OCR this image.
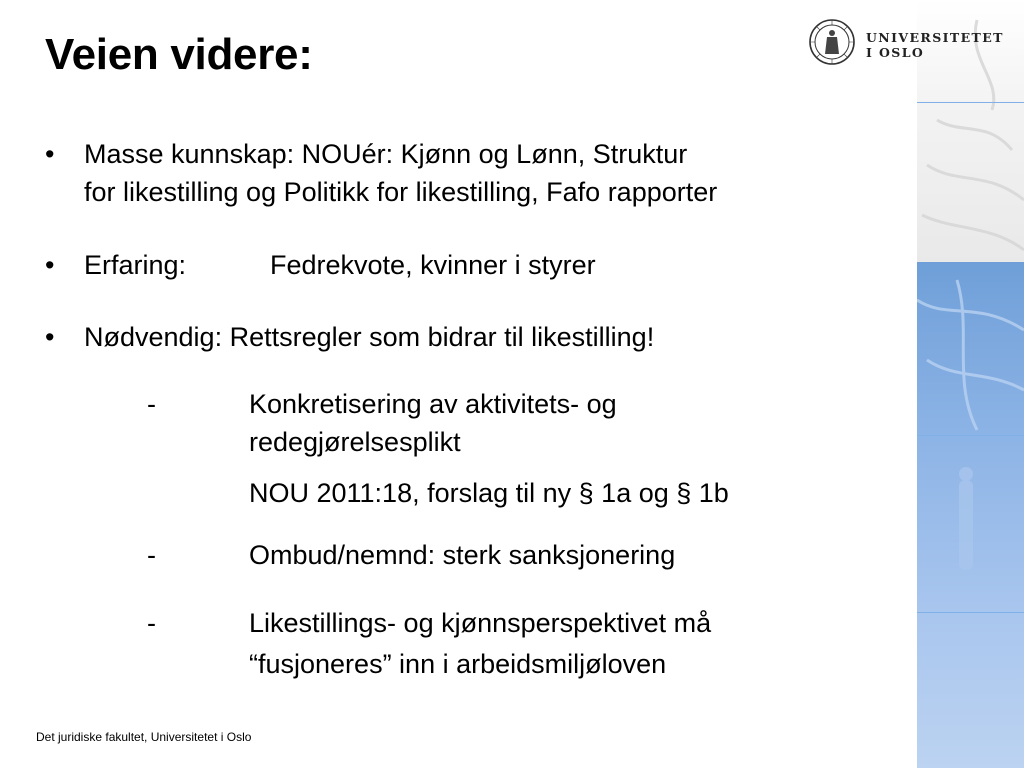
UNIVERSITETET
I OSLO
Veien videre:
• Masse kunnskap: NOUér: Kjønn og Lønn, Struktur
for likestilling og Politikk for likestilling, Fafo rapporter
• Erfaring:	Fedrekvote, kvinner i styrer
• Nødvendig: Rettsregler som bidrar til likestilling!
-	Konkretisering av aktivitets- og
redegjørelsesplikt
NOU 2011:18, forslag til ny § 1a og § 1b
-	Ombud/nemnd: sterk sanksjonering
-	Likestillings- og kjønnsperspektivet må
“fusjoneres” inn i arbeidsmiljøloven
Det juridiske fakultet, Universitetet i Oslo
